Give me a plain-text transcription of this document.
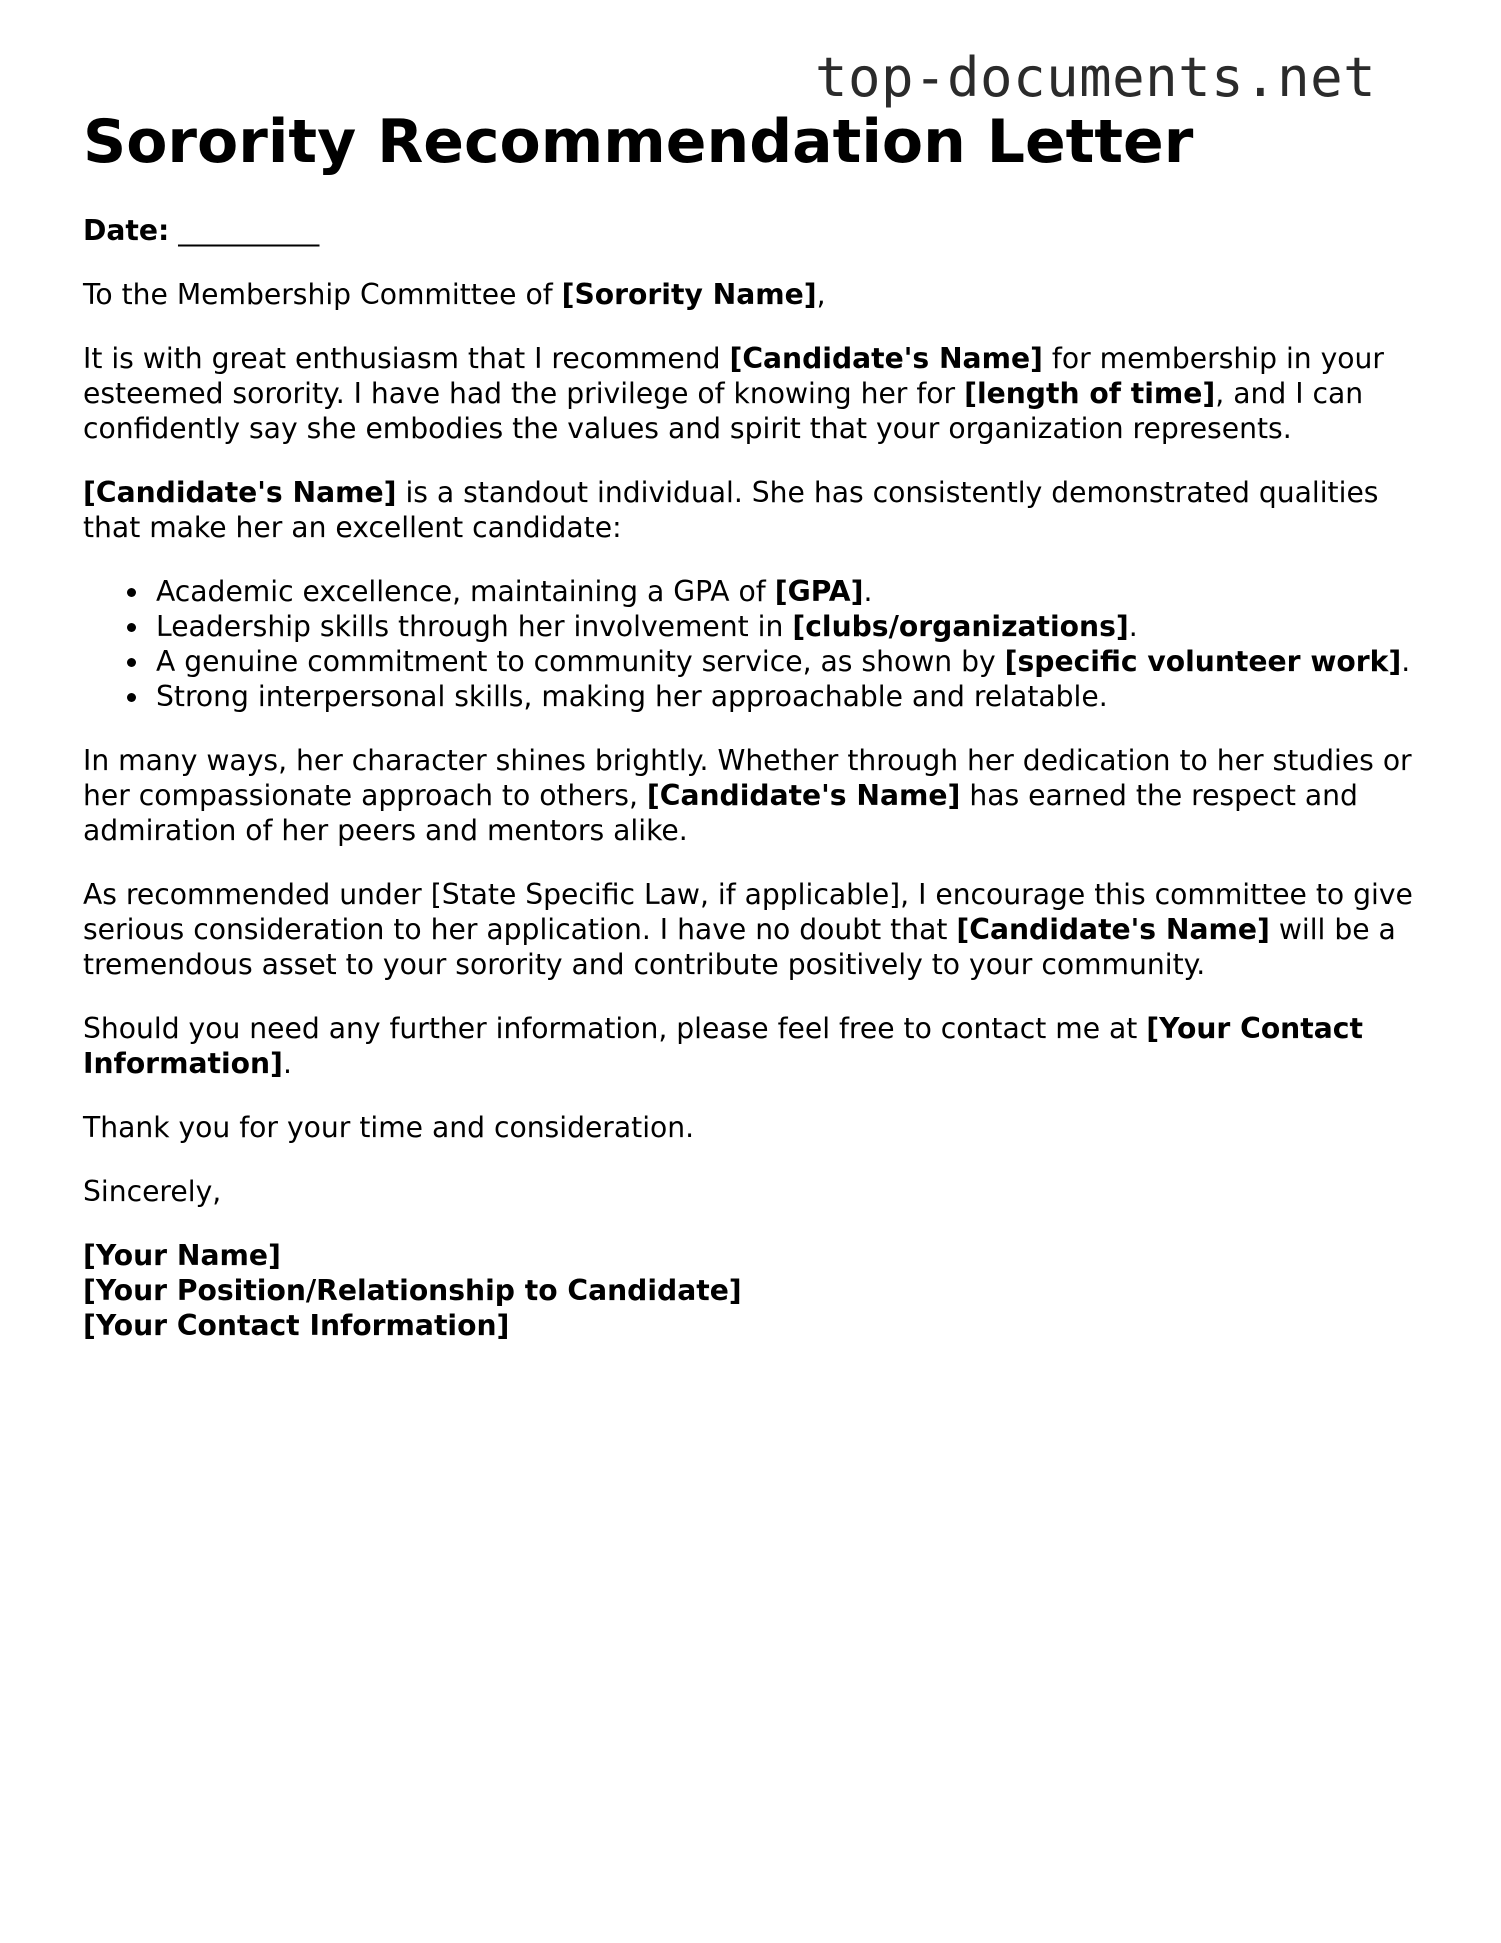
top-documents.net
Sorority Recommendation Letter

Date: __________

To the Membership Committee of [Sorority Name],

It is with great enthusiasm that I recommend [Candidate's Name] for membership in your esteemed sorority. I have had the privilege of knowing her for [length of time], and I can confidently say she embodies the values and spirit that your organization represents.

[Candidate's Name] is a standout individual. She has consistently demonstrated qualities that make her an excellent candidate:

Academic excellence, maintaining a GPA of [GPA].
Leadership skills through her involvement in [clubs/organizations].
A genuine commitment to community service, as shown by [specific volunteer work].
Strong interpersonal skills, making her approachable and relatable.

In many ways, her character shines brightly. Whether through her dedication to her studies or her compassionate approach to others, [Candidate's Name] has earned the respect and admiration of her peers and mentors alike.

As recommended under [State Specific Law, if applicable], I encourage this committee to give serious consideration to her application. I have no doubt that [Candidate's Name] will be a tremendous asset to your sorority and contribute positively to your community.

Should you need any further information, please feel free to contact me at [Your Contact Information].

Thank you for your time and consideration.

Sincerely,

[Your Name]

[Your Position/Relationship to Candidate]

[Your Contact Information]
